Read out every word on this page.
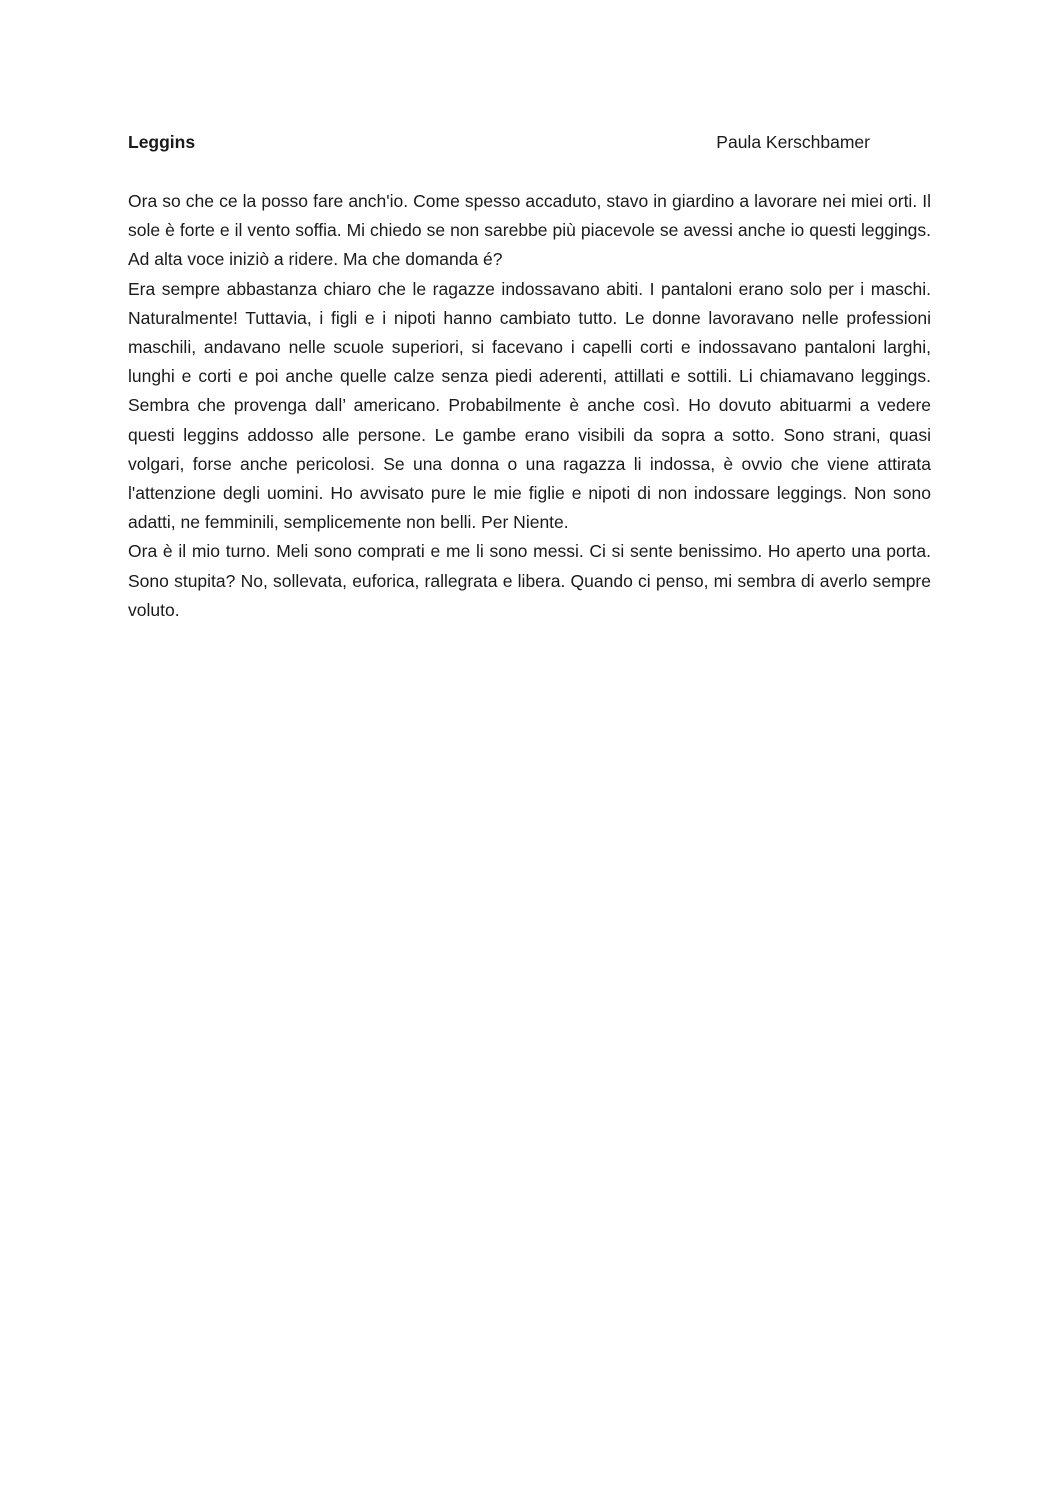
Leggins	Paula Kerschbamer

Ora so che ce la posso fare anch'io. Come spesso accaduto, stavo in giardino a lavorare nei miei orti. Il sole è forte e il vento soffia. Mi chiedo se non sarebbe più piacevole se avessi anche io questi leggings. Ad alta voce iniziò a ridere. Ma che domanda é?

Era sempre abbastanza chiaro che le ragazze indossavano abiti. I pantaloni erano solo per i maschi. Naturalmente! Tuttavia, i figli e i nipoti hanno cambiato tutto. Le donne lavoravano nelle professioni maschili, andavano nelle scuole superiori, si facevano i capelli corti e indossavano pantaloni larghi, lunghi e corti e poi anche quelle calze senza piedi aderenti, attillati e sottili. Li chiamavano leggings. Sembra che provenga dall’ americano. Probabilmente è anche così. Ho dovuto abituarmi a vedere questi leggins addosso alle persone. Le gambe erano visibili da sopra a sotto. Sono strani, quasi volgari, forse anche pericolosi. Se una donna o una ragazza li indossa, è ovvio che viene attirata l'attenzione degli uomini. Ho avvisato pure le mie figlie e nipoti di non indossare leggings. Non sono adatti, ne femminili, semplicemente non belli. Per Niente.

Ora è il mio turno. Meli sono comprati e me li sono messi. Ci si sente benissimo. Ho aperto una porta. Sono stupita? No, sollevata, euforica, rallegrata e libera. Quando ci penso, mi sembra di averlo sempre voluto.
